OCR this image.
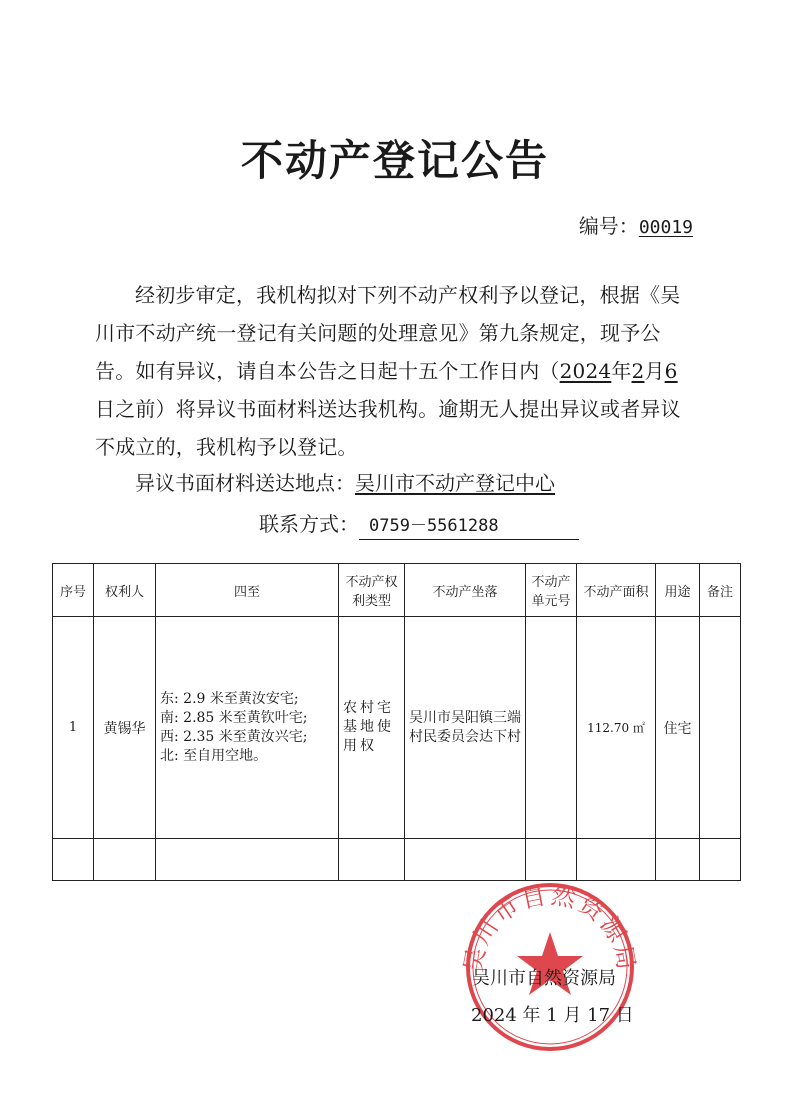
不动产登记公告
编号：00019

经初步审定，我机构拟对下列不动产权利予以登记，根据《吴川市不动产统一登记有关问题的处理意见》第九条规定，现予公告。如有异议，请自本公告之日起十五个工作日内（2024年2月6日之前）将异议书面材料送达我机构。逾期无人提出异议或者异议不成立的，我机构予以登记。

异议书面材料送达地点：吴川市不动产登记中心
联系方式： 0759－5561288
序号	权利人	四至	不动产权利类型	不动产坐落	不动产单元号	不动产面积	用途	备注
1	黄锡华	东: 2.9 米至黄汝安宅;
南: 2.85 米至黄钦叶宅;
西: 2.35 米至黄汝兴宅;
北: 至自用空地。	农村宅基地使用权	吴川市吴阳镇三端村民委员会达下村		112.70 ㎡	住宅	

吴川市自然资源局
吴川市自然资源局
2024 年 1 月 17 日
